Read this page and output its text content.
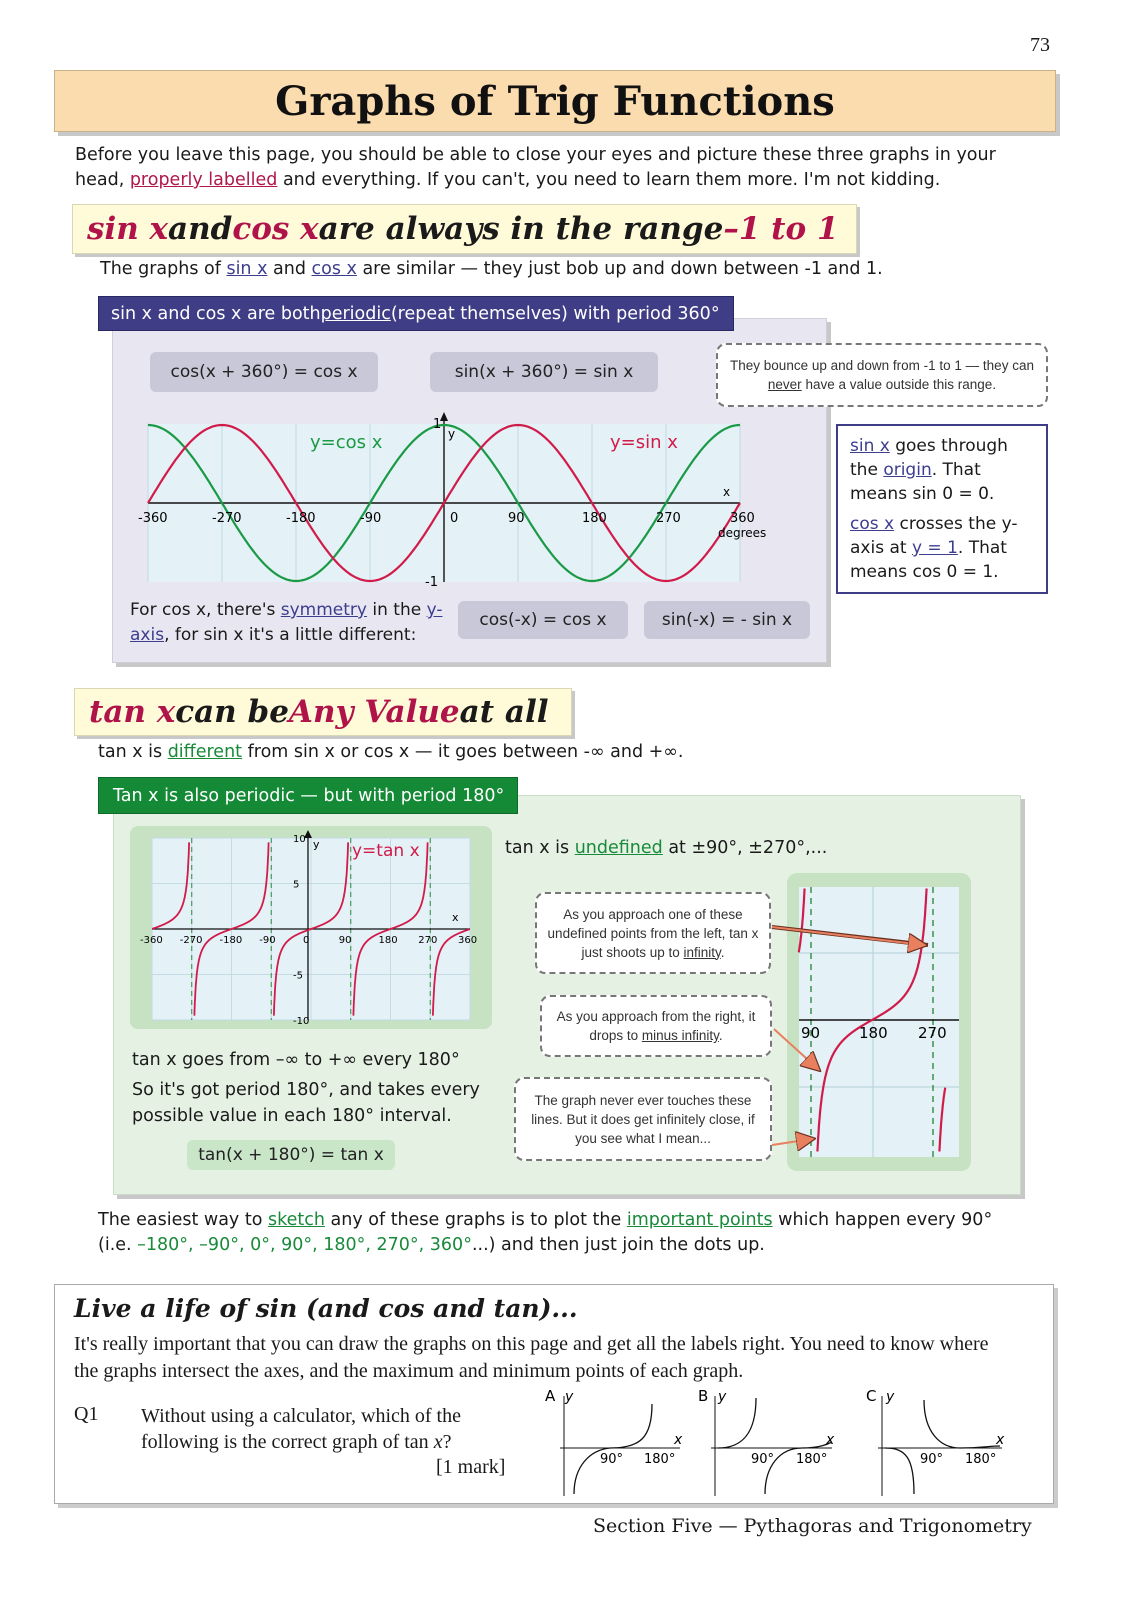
73
Graphs of Trig Functions
Before you leave this page, you should be able to close your eyes and picture these three graphs in your head, properly labelled and everything. If you can't, you need to learn them more. I'm not kidding.
sin x and cos x are always in the range –1 to 1
The graphs of sin x and cos x are similar — they just bob up and down between -1 and 1.
sin x and cos x are both periodic (repeat themselves) with period 360°
cos(x + 360°) = cos x	sin(x + 360°) = sin x	They bounce up and down from -1 to 1 — they can never have a value outside this range.
-360	-270	-180	-90	0	90	180	270	360
1
-1
y
x
degrees
y=cos x	y=sin x	sin x goes through the origin. That means sin 0 = 0.
cos x crosses the y-axis at y = 1. That means cos 0 = 1.
For cos x, there's symmetry in the y-axis, for sin x it's a little different:
cos(-x) = cos x	sin(-x) = - sin x
tan x can be Any Value at all
tan x is different from sin x or cos x — it goes between -∞ and +∞.
Tan x is also periodic — but with period 180°
-360 -270 -180 -90	0	90	180 270 360
10
5
-5
-10
y
x
y=tan x	tan x is undefined at ±90°, ±270°,...
As you approach one of these undefined points from the left, tan x just shoots up to infinity.
As you approach from the right, it drops to minus infinity.
The graph never ever touches these lines. But it does get infinitely close, if you see what I mean...
90	180 270
tan x goes from –∞ to +∞ every 180°
So it's got period 180°, and takes every possible value in each 180° interval.
tan(x + 180°) = tan x
The easiest way to sketch any of these graphs is to plot the important points which happen every 90° (i.e. –180°, –90°, 0°, 90°, 180°, 270°, 360°...) and then just join the dots up.
Live a life of sin (and cos and tan)...
It's really important that you can draw the graphs on this page and get all the labels right. You need to know where the graphs intersect the axes, and the maximum and minimum points of each graph.
Q1 Without using a calculator, which of the following is the correct graph of tan x?
[1 mark]
A y
x
90° 180°
B y
x
90° 180°
C y
x
90° 180°
Section Five — Pythagoras and Trigonometry
